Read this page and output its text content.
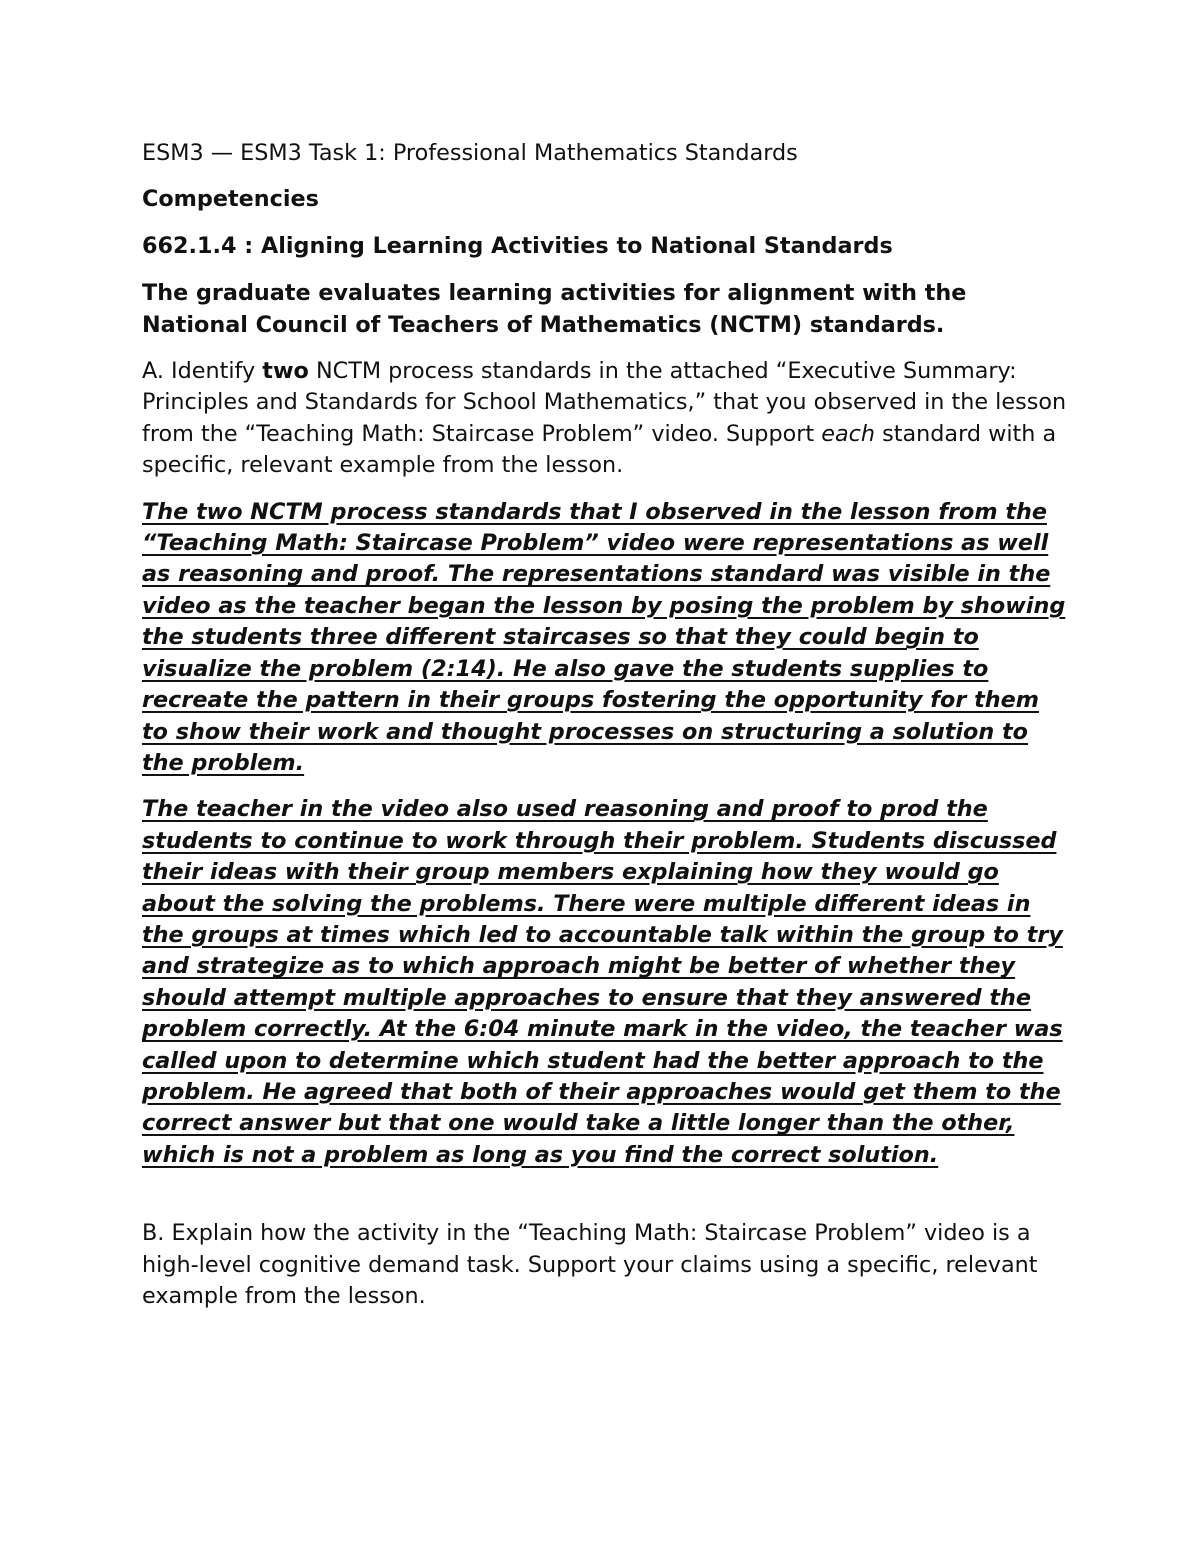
ESM3 — ESM3 Task 1: Professional Mathematics Standards

Competencies

662.1.4 : Aligning Learning Activities to National Standards

The graduate evaluates learning activities for alignment with the National Council of Teachers of Mathematics (NCTM) standards.

A. Identify two NCTM process standards in the attached “Executive Summary: Principles and Standards for School Mathematics,” that you observed in the lesson from the “Teaching Math: Staircase Problem” video. Support each standard with a specific, relevant example from the lesson.

The two NCTM process standards that I observed in the lesson from the “Teaching Math: Staircase Problem” video were representations as well as reasoning and proof. The representations standard was visible in the video as the teacher began the lesson by posing the problem by showing the students three different staircases so that they could begin to visualize the problem (2:14). He also gave the students supplies to recreate the pattern in their groups fostering the opportunity for them to show their work and thought processes on structuring a solution to the problem.

The teacher in the video also used reasoning and proof to prod the students to continue to work through their problem. Students discussed their ideas with their group members explaining how they would go about the solving the problems. There were multiple different ideas in the groups at times which led to accountable talk within the group to try and strategize as to which approach might be better of whether they should attempt multiple approaches to ensure that they answered the problem correctly. At the 6:04 minute mark in the video, the teacher was called upon to determine which student had the better approach to the problem. He agreed that both of their approaches would get them to the correct answer but that one would take a little longer than the other, which is not a problem as long as you find the correct solution.

B. Explain how the activity in the “Teaching Math: Staircase Problem” video is a high-level cognitive demand task. Support your claims using a specific, relevant example from the lesson.
